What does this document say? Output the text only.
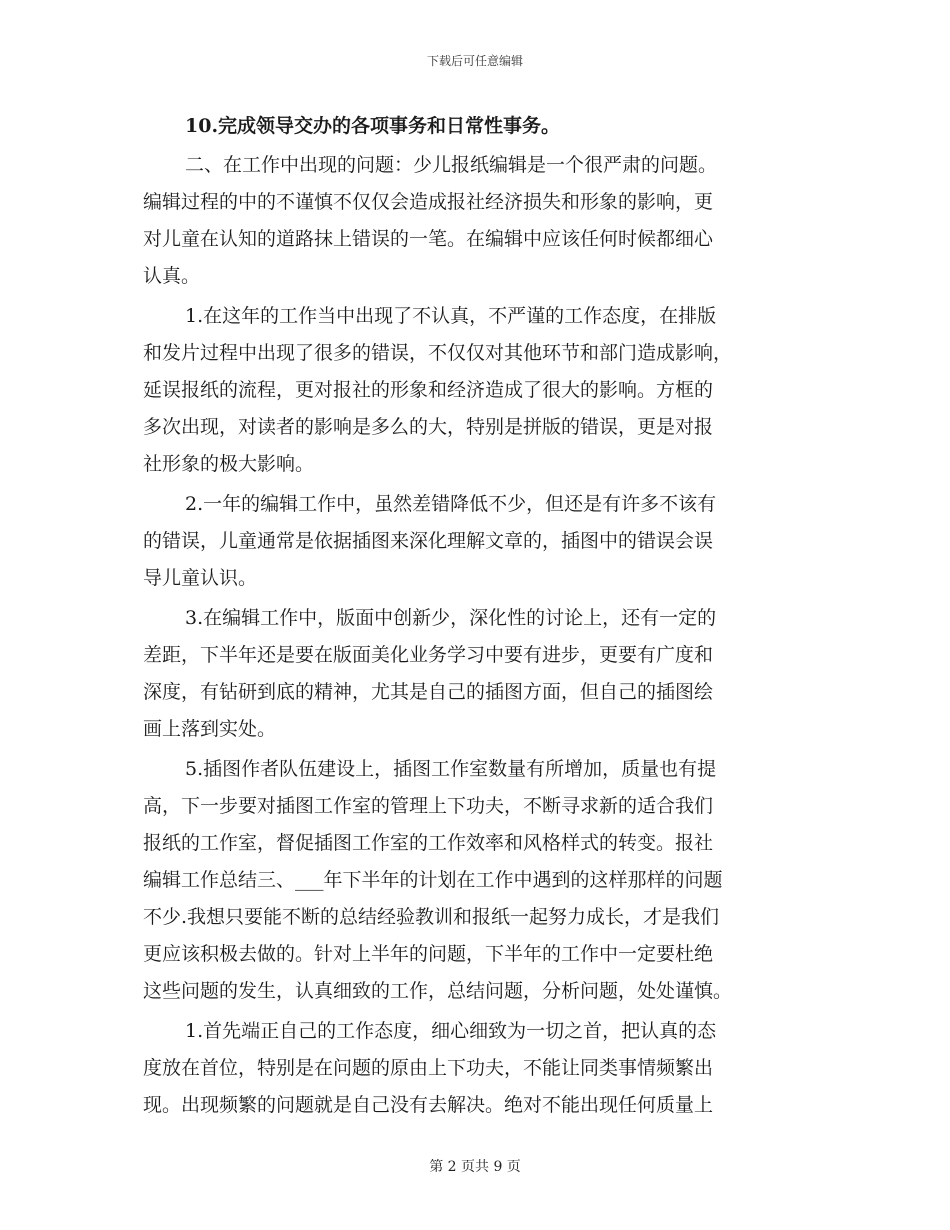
下载后可任意编辑
10.完成领导交办的各项事务和日常性事务。
二、在工作中出现的问题：少儿报纸编辑是一个很严肃的问题。
编辑过程的中的不谨慎不仅仅会造成报社经济损失和形象的影响，更
对儿童在认知的道路抹上错误的一笔。在编辑中应该任何时候都细心
认真。
1.在这年的工作当中出现了不认真，不严谨的工作态度，在排版
和发片过程中出现了很多的错误，不仅仅对其他环节和部门造成影响，
延误报纸的流程，更对报社的形象和经济造成了很大的影响。方框的
多次出现，对读者的影响是多么的大，特别是拼版的错误，更是对报
社形象的极大影响。
2.一年的编辑工作中，虽然差错降低不少，但还是有许多不该有
的错误，儿童通常是依据插图来深化理解文章的，插图中的错误会误
导儿童认识。
3.在编辑工作中，版面中创新少，深化性的讨论上，还有一定的
差距，下半年还是要在版面美化业务学习中要有进步，更要有广度和
深度，有钻研到底的精神，尤其是自己的插图方面，但自己的插图绘
画上落到实处。
5.插图作者队伍建设上，插图工作室数量有所增加，质量也有提
高，下一步要对插图工作室的管理上下功夫，不断寻求新的适合我们
报纸的工作室，督促插图工作室的工作效率和风格样式的转变。报社
编辑工作总结三、___年下半年的计划在工作中遇到的这样那样的问题
不少.我想只要能不断的总结经验教训和报纸一起努力成长，才是我们
更应该积极去做的。针对上半年的问题，下半年的工作中一定要杜绝
这些问题的发生，认真细致的工作，总结问题，分析问题，处处谨慎。
1.首先端正自己的工作态度，细心细致为一切之首，把认真的态
度放在首位，特别是在问题的原由上下功夫，不能让同类事情频繁出
现。出现频繁的问题就是自己没有去解决。绝对不能出现任何质量上
第 2 页共 9 页
